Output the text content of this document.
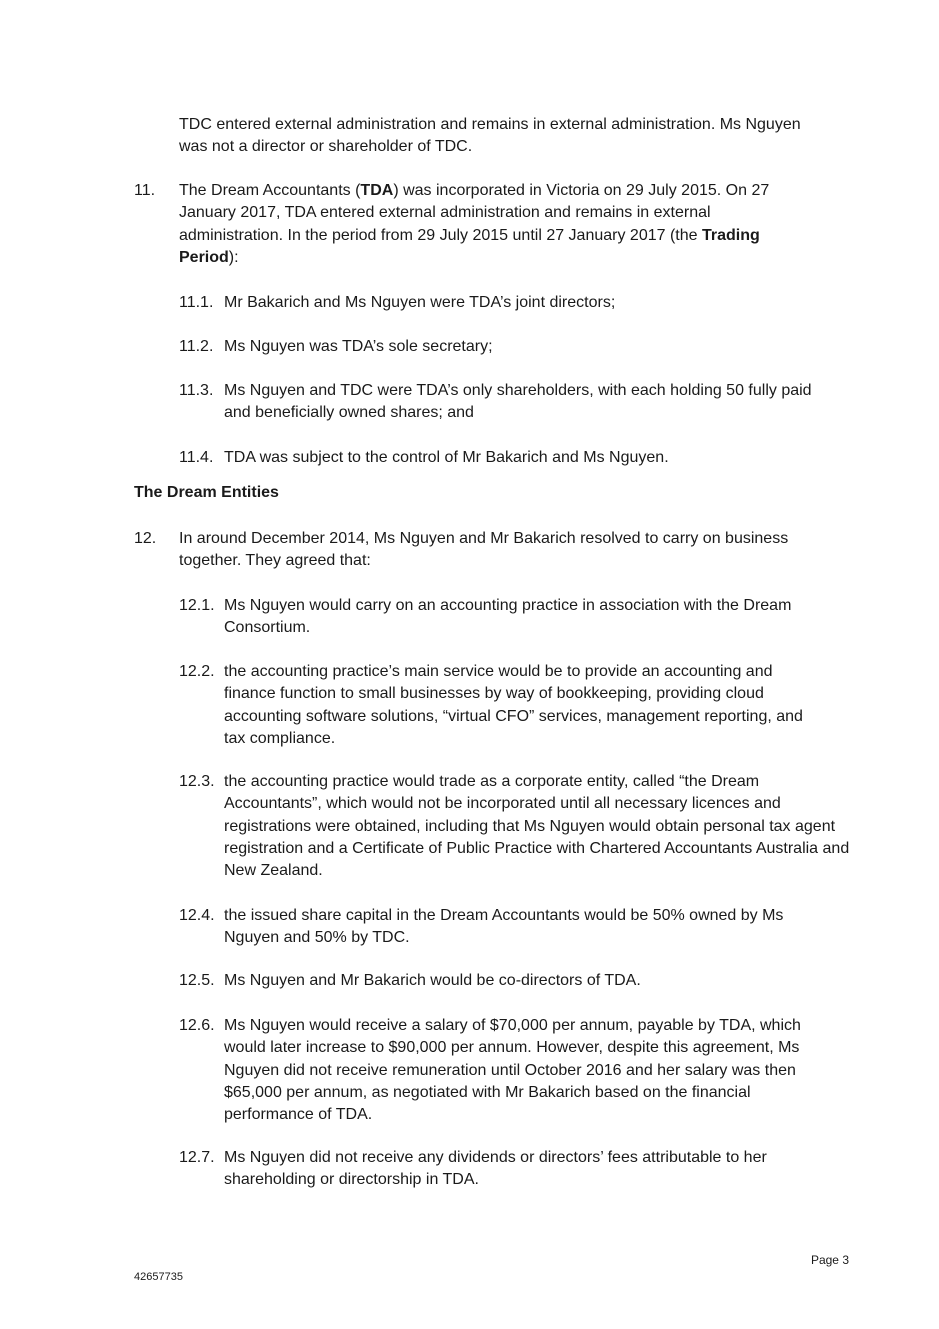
TDC entered external administration and remains in external administration. Ms Nguyen was not a director or shareholder of TDC.

11. The Dream Accountants (TDA) was incorporated in Victoria on 29 July 2015. On 27 January 2017, TDA entered external administration and remains in external administration. In the period from 29 July 2015 until 27 January 2017 (the Trading Period):

11.1. Mr Bakarich and Ms Nguyen were TDA’s joint directors;

11.2. Ms Nguyen was TDA’s sole secretary;

11.3. Ms Nguyen and TDC were TDA’s only shareholders, with each holding 50 fully paid and beneficially owned shares; and

11.4. TDA was subject to the control of Mr Bakarich and Ms Nguyen.

The Dream Entities
12. In around December 2014, Ms Nguyen and Mr Bakarich resolved to carry on business together. They agreed that:

12.1. Ms Nguyen would carry on an accounting practice in association with the Dream Consortium.

12.2. the accounting practice’s main service would be to provide an accounting and finance function to small businesses by way of bookkeeping, providing cloud accounting software solutions, “virtual CFO” services, management reporting, and tax compliance.

12.3. the accounting practice would trade as a corporate entity, called “the Dream Accountants”, which would not be incorporated until all necessary licences and registrations were obtained, including that Ms Nguyen would obtain personal tax agent registration and a Certificate of Public Practice with Chartered Accountants Australia and New Zealand.

12.4. the issued share capital in the Dream Accountants would be 50% owned by Ms Nguyen and 50% by TDC.

12.5. Ms Nguyen and Mr Bakarich would be co-directors of TDA.

12.6. Ms Nguyen would receive a salary of $70,000 per annum, payable by TDA, which would later increase to $90,000 per annum. However, despite this agreement, Ms Nguyen did not receive remuneration until October 2016 and her salary was then $65,000 per annum, as negotiated with Mr Bakarich based on the financial performance of TDA.

12.7. Ms Nguyen did not receive any dividends or directors’ fees attributable to her shareholding or directorship in TDA.

Page 3
42657735
